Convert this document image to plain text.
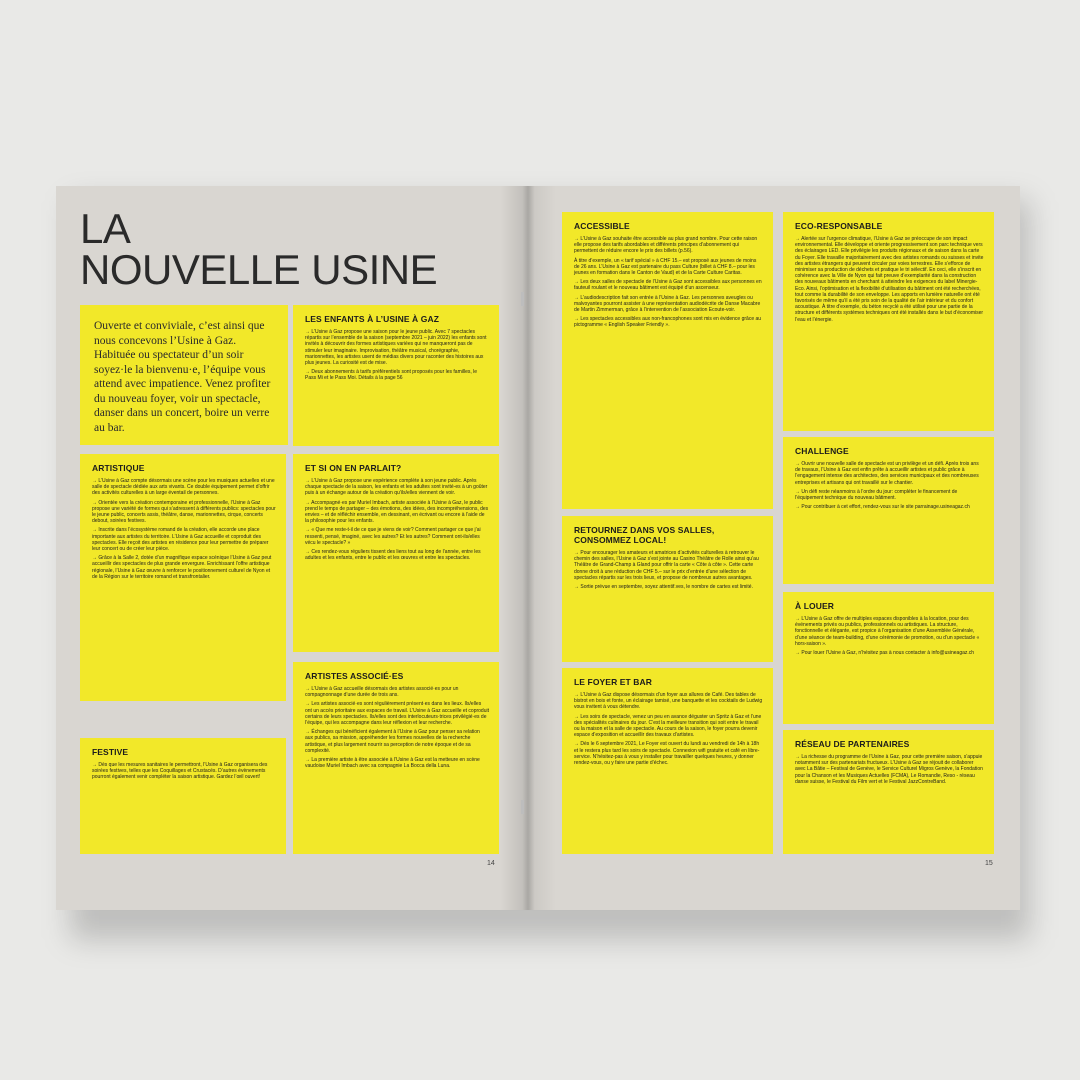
LA
NOUVELLE USINE
Ouverte et conviviale, c’est ainsi que nous concevons l’Usine à Gaz. Habituée ou spectateur d’un soir soyez·le la bienvenu·e, l’équipe vous attend avec impatience. Venez profiter du nouveau foyer, voir un spectacle, danser dans un concert, boire un verre au bar.
LES ENFANTS À L’USINE À GAZ

→ L’Usine à Gaz propose une saison pour le jeune public. Avec 7 spectacles répartis sur l’ensemble de la saison (septembre 2021 – juin 2022) les enfants sont invités à découvrir des formes artistiques variées qui ne manqueront pas de stimuler leur imaginaire. Improvisation, théâtre musical, chorégraphie, marionnettes, les artistes usent de médias divers pour raconter des histoires aux plus jeunes. La curiosité est de mise.

→ Deux abonnements à tarifs préférentiels sont proposés pour les familles, le Pass Mi et le Pass Moi. Détails à la page 56

ARTISTIQUE

→ L’Usine à Gaz compte désormais une scène pour les musiques actuelles et une salle de spectacle dédiée aux arts vivants. Ce double équipement permet d’offrir des activités culturelles à un large éventail de personnes.

→ Orientée vers la création contemporaine et professionnelle, l’Usine à Gaz propose une variété de formes qui s’adressent à différents publics: spectacles pour le jeune public, concerts assis, théâtre, danse, marionnettes, cirque, concerts debout, soirées festives.

→ Inscrite dans l’écosystème romand de la création, elle accorde une place importante aux artistes du territoire. L’Usine à Gaz accueille et coproduit des spectacles. Elle reçoit des artistes en résidence pour leur permettre de préparer leur concert ou de créer leur pièce.

→ Grâce à la Salle 2, dotée d’un magnifique espace scénique l’Usine à Gaz peut accueillir des spectacles de plus grande envergure. Enrichissant l’offre artistique régionale, l’Usine à Gaz œuvre à renforcer le positionnement culturel de Nyon et de la Région sur le territoire romand et transfrontalier.

ET SI ON EN PARLAIT?

→ L’Usine à Gaz propose une expérience complète à son jeune public. Après chaque spectacle de la saison, les enfants et les adultes sont invité-es à un goûter puis à un échange autour de la création qu’ils/elles viennent de voir.

→ Accompagné·es par Muriel Imbach, artiste associée à l’Usine à Gaz, le public prend le temps de partager – des émotions, des idées, des incompréhensions, des envies – et de réfléchir ensemble, en dessinant, en écrivant ou encore à l’aide de la philosophie pour les enfants.

→ « Que me reste-t-il de ce que je viens de voir? Comment partager ce que j’ai ressenti, pensé, imaginé, avec les autres? Et les autres? Comment ont-ils/elles vécu le spectacle? »

→ Ces rendez-vous réguliers tissent des liens tout au long de l’année, entre les adultes et les enfants, entre le public et les œuvres et entre les spectacles.

FESTIVE

→ Dès que les mesures sanitaires le permettront, l’Usine à Gaz organisera des soirées festives, telles que les Coquillages et Crustacés. D’autres évènements pourront également venir compléter la saison artistique. Gardez l’œil ouvert!

ARTISTES ASSOCIÉ·ES

→ L’Usine à Gaz accueille désormais des artistes associé·es pour un compagnonnage d’une durée de trois ans.

→ Les artistes associé·es sont régulièrement présent·es dans les lieux. Ils/elles ont un accès prioritaire aux espaces de travail. L’Usine à Gaz accueille et coproduit certains de leurs spectacles. Ils/elles sont des interlocuteurs·trices privilégié·es de l’équipe, qui les accompagne dans leur réflexion et leur recherche.

→ Échanges qui bénéficient également à l’Usine à Gaz pour penser sa relation aux publics, sa mission, appréhender les formes nouvelles de la recherche artistique, et plus largement nourrir sa perception de notre époque et de sa complexité.

→ La première artiste à être associée à l’Usine à Gaz est la metteure en scène vaudoise Muriel Imbach avec sa compagnie La Bocca della Luna.

ACCESSIBLE

→ L’Usine à Gaz souhaite être accessible au plus grand nombre. Pour cette raison elle propose des tarifs abordables et différents principes d’abonnement qui permettent de réduire encore le prix des billets (p.56).

À titre d’exemple, un « tarif spécial » à CHF 15.– est proposé aux jeunes de moins de 26 ans. L’Usine à Gaz est partenaire du pass Culture (billet à CHF 8.– pour les jeunes en formation dans le Canton de Vaud) et de la Carte Culture Caritas.

→ Les deux salles de spectacle de l’Usine à Gaz sont accessibles aux personnes en fauteuil roulant et le nouveau bâtiment est équipé d’un ascenseur.

→ L’audiodescription fait son entrée à l’Usine à Gaz. Les personnes aveugles ou malvoyantes pourront assister à une représentation audiodécrite de Danse Macabre de Martin Zimmerman, grâce à l’intervention de l’association Ecoute-voir.

→ Les spectacles accessibles aux non-francophones sont mis en évidence grâce au pictogramme « English Speaker Friendly ».

RETOURNEZ DANS VOS SALLES, CONSOMMEZ LOCAL!

→ Pour encourager les amateurs et amatrices d’activités culturelles à retrouver le chemin des salles, l’Usine à Gaz s’est jointe au Casino Théâtre de Rolle ainsi qu’au Théâtre de Grand-Champ à Gland pour offrir la carte « Côte à côte ». Cette carte donne droit à une réduction de CHF 5.– sur le prix d’entrée d’une sélection de spectacles répartis sur les trois lieux, et propose de nombreux autres avantages.

→ Sortie prévue en septembre, soyez attentif.ves, le nombre de cartes est limité.

LE FOYER ET BAR

→ L’Usine à Gaz dispose désormais d’un foyer aux allures de Café. Des tables de bistrot en bois et fonte, un éclairage tamisé, une banquette et les cocktails de Ludwig vous invitent à vous détendre.

→ Les soirs de spectacle, venez un peu en avance déguster un Spritz à Gaz et l’une des spécialités culinaires du jour. C’est la meilleure transition qui soit entre le travail ou la maison et la salle de spectacle. Au cours de la saison, le foyer pourra devenir espace d’exposition et accueillir des travaux d’artistes.

→ Dès le 6 septembre 2021, Le Foyer est ouvert du lundi au vendredi de 14h à 18h et le restera plus tard les soirs de spectacle. Connexion wifi gratuite et café en libre-service. N’hésitez-pas à vous y installer pour travailler quelques heures, y donner rendez-vous, ou y faire une partie d’échec.

ECO-RESPONSABLE

→ Alertée sur l’urgence climatique, l’Usine à Gaz se préoccupe de son impact environnemental. Elle développe et oriente progressivement son parc technique vers des éclairages LED. Elle privilégie les produits régionaux et de saison dans la carte du Foyer. Elle travaille majoritairement avec des artistes romands ou suisses et invite des artistes étrangers qui peuvent circuler par voies terrestres. Elle s’efforce de minimiser sa production de déchets et pratique le tri sélectif. En ceci, elle s’inscrit en cohérence avec la Ville de Nyon qui fait preuve d’exemplarité dans la construction des nouveaux bâtiments en cherchant à atteindre les exigences du label Minergie-Eco. Ainsi, l’optimisation et la flexibilité d’utilisation du bâtiment ont été recherchées, tout comme la durabilité de son enveloppe. Les apports en lumière naturelle ont été favorisés de même qu’il a été pris soin de la qualité de l’air intérieur et du confort acoustique. À titre d’exemple, du béton recyclé a été utilisé pour une partie de la structure et différents systèmes techniques ont été installés dans le but d’économiser l’eau et l’énergie.

CHALLENGE

→ Ouvrir une nouvelle salle de spectacle est un privilège et un défi. Après trois ans de travaux, l’Usine à Gaz est enfin prête à accueillir artistes et public grâce à l’engagement intense des architectes, des services municipaux et des nombreuses entreprises et artisans qui ont travaillé sur le chantier.

→ Un défi reste néanmoins à l’ordre du jour: compléter le financement de l’équipement technique du nouveau bâtiment.

→ Pour contribuer à cet effort, rendez-vous sur le site parrainage.usineagaz.ch

À LOUER

→ L’Usine à Gaz offre de multiples espaces disponibles à la location, pour des événements privés ou publics, professionnels ou artistiques. La structure, fonctionnelle et élégante, est propice à l’organisation d’une Assemblée Générale, d’une séance de team-building, d’une cérémonie de promotion, ou d’un spectacle « hors-saison ».

→ Pour louer l’Usine à Gaz, n’hésitez pas à nous contacter à info@usineagaz.ch

RÉSEAU DE PARTENAIRES

→ La richesse du programme de l’Usine à Gaz, pour cette première saison, s’appuie notamment sur des partenariats fructueux. L’Usine à Gaz se réjouit de collaborer avec La Bâtie – Festival de Genève, le Service Culturel Migros Genève, la Fondation pour la Chanson et les Musiques Actuelles (FCMA), Le Romandie, Reso - réseau danse suisse, le Festival du Film vert et le Festival JazzContreBand.

14	15
